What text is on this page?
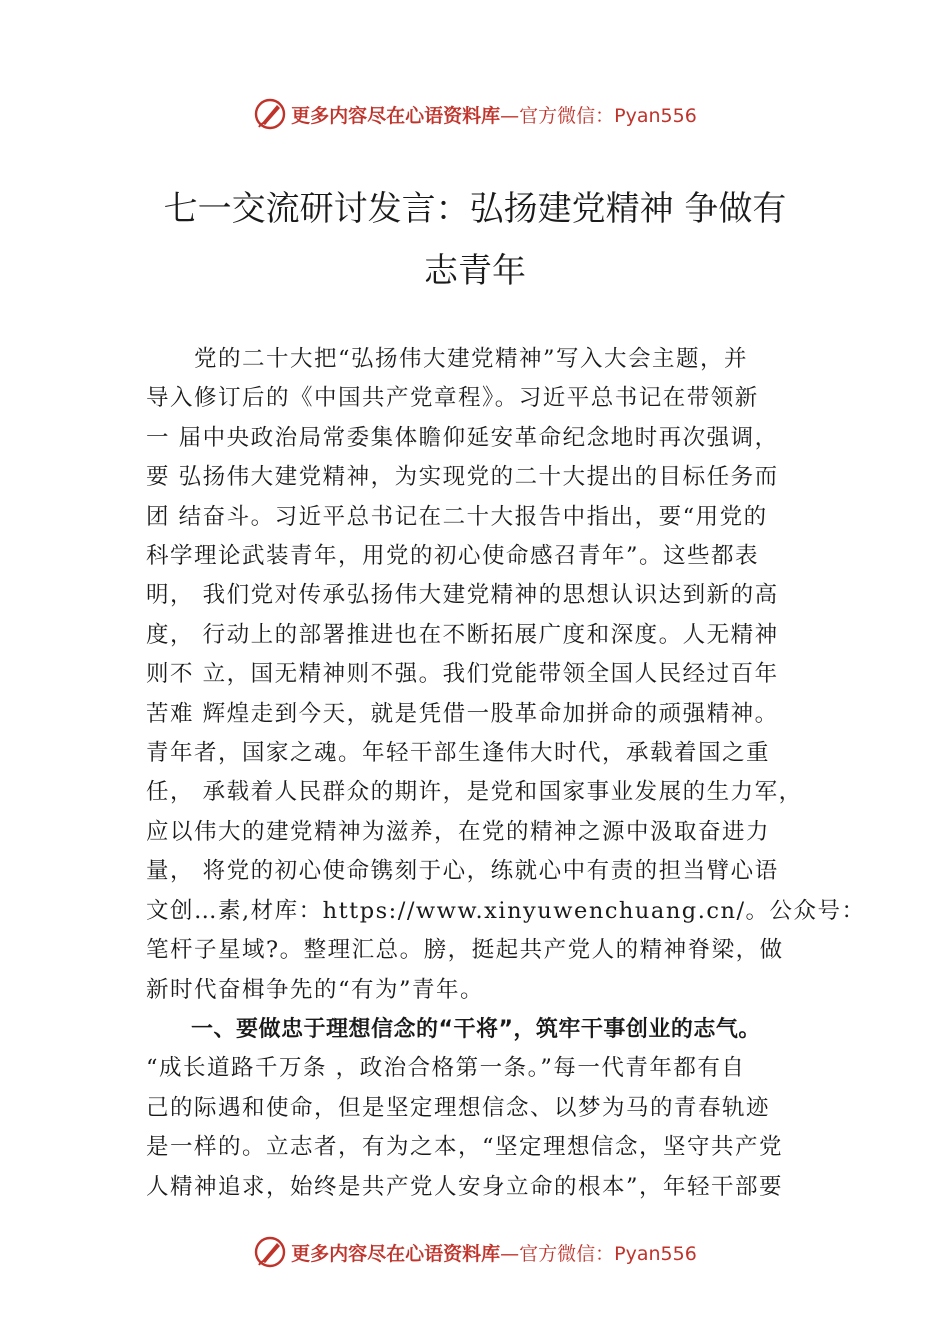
更多内容尽在心语资料库 —官方微信：Pyan556
七一交流研讨发言：弘扬建党精神 争做有
志青年
　　党的二十大把“弘扬伟大建党精神”写入大会主题，并
导入修订后的《中国共产党章程》。习近平总书记在带领新
一 届中央政治局常委集体瞻仰延安革命纪念地时再次强调，
要 弘扬伟大建党精神，为实现党的二十大提出的目标任务而
团 结奋斗。习近平总书记在二十大报告中指出，要“用党的
科学理论武装青年，用党的初心使命感召青年”。这些都表
明， 我们党对传承弘扬伟大建党精神的思想认识达到新的高
度， 行动上的部署推进也在不断拓展广度和深度。人无精神
则不 立，国无精神则不强。我们党能带领全国人民经过百年
苦难 辉煌走到今天，就是凭借一股革命加拼命的顽强精神。
青年者，国家之魂。年轻干部生逢伟大时代，承载着国之重
任， 承载着人民群众的期许，是党和国家事业发展的生力军，
应以伟大的建党精神为滋养，在党的精神之源中汲取奋进力
量， 将党的初心使命镌刻于心，练就心中有责的担当臂心语
文创…素,材库：https://www.xinyuwenchuang.cn/。公众号：
笔杆子星域?。整理汇总。膀，挺起共产党人的精神脊梁，做
新时代奋楫争先的“有为”青年。
　　一、要做忠于理想信念的“干将”，筑牢干事创业的志气。
“成长道路千万条 ，政治合格第一条。”每一代青年都有自
己的际遇和使命，但是坚定理想信念、以梦为马的青春轨迹
是一样的。立志者，有为之本，“坚定理想信念，坚守共产党
人精神追求，始终是共产党人安身立命的根本”，年轻干部要
更多内容尽在心语资料库 —官方微信：Pyan556
